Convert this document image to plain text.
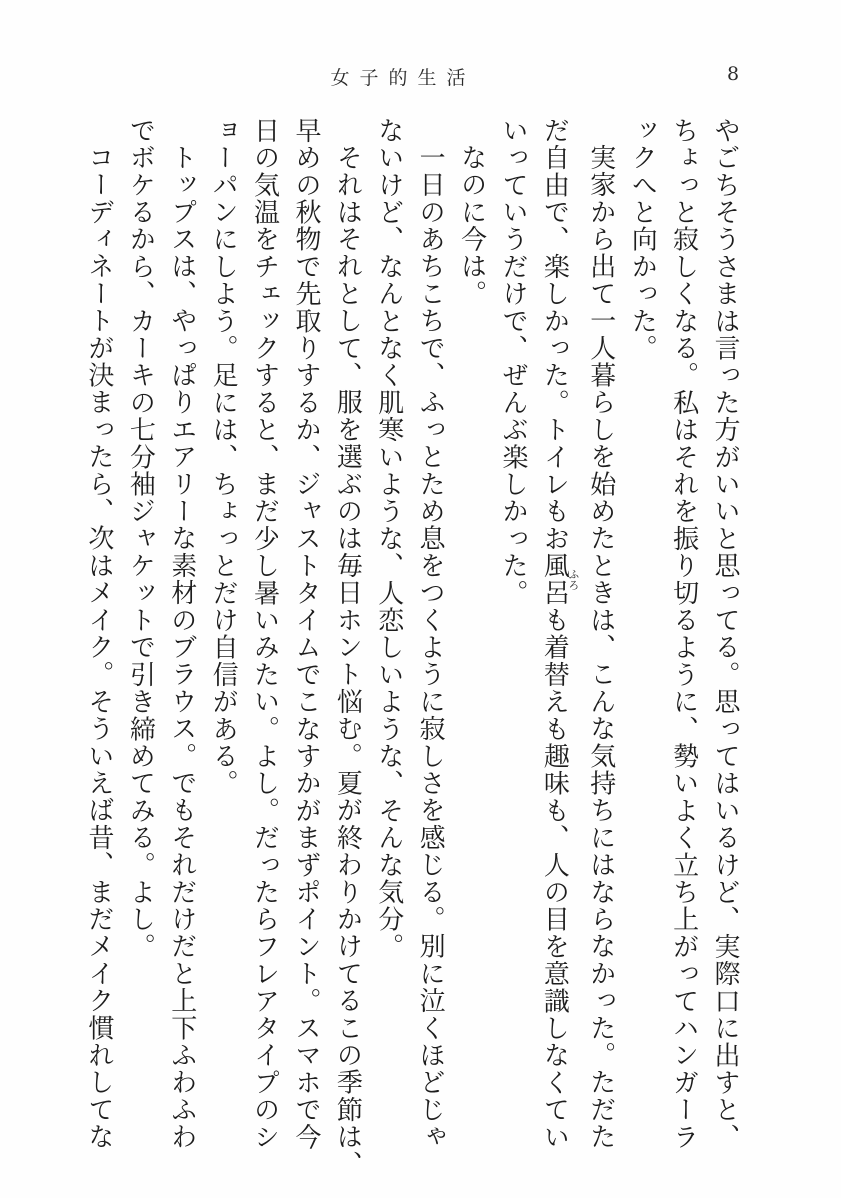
女子的生活	8
やごちそうさまは言った方がいいと思ってる。思ってはいるけど、実際口に出すと、
ちょっと寂しくなる。私はそれを振り切るように、勢いよく立ち上がってハンガーラ
ックへと向かった。
実家から出て一人暮らしを始めたときは、こんな気持ちにはならなかった。ただた
だ自由で、楽しかった。トイレもお風呂ふろも着替えも趣味も、人の目を意識しなくてい
いっていうだけで、ぜんぶ楽しかった。
なのに今は。
一日のあちこちで、ふっとため息をつくように寂しさを感じる。別に泣くほどじゃ
ないけど、なんとなく肌寒いような、人恋しいような、そんな気分。
それはそれとして、服を選ぶのは毎日ホント悩む。夏が終わりかけてるこの季節は、
早めの秋物で先取りするか、ジャストタイムでこなすかがまずポイント。スマホで今
日の気温をチェックすると、まだ少し暑いみたい。よし。だったらフレアタイプのシ
ョーパンにしよう。足には、ちょっとだけ自信がある。
トップスは、やっぱりエアリーな素材のブラウス。でもそれだけだと上下ふわふわ
でボケるから、カーキの七分袖ジャケットで引き締めてみる。よし。
コーディネートが決まったら、次はメイク。そういえば昔、まだメイク慣れしてな
